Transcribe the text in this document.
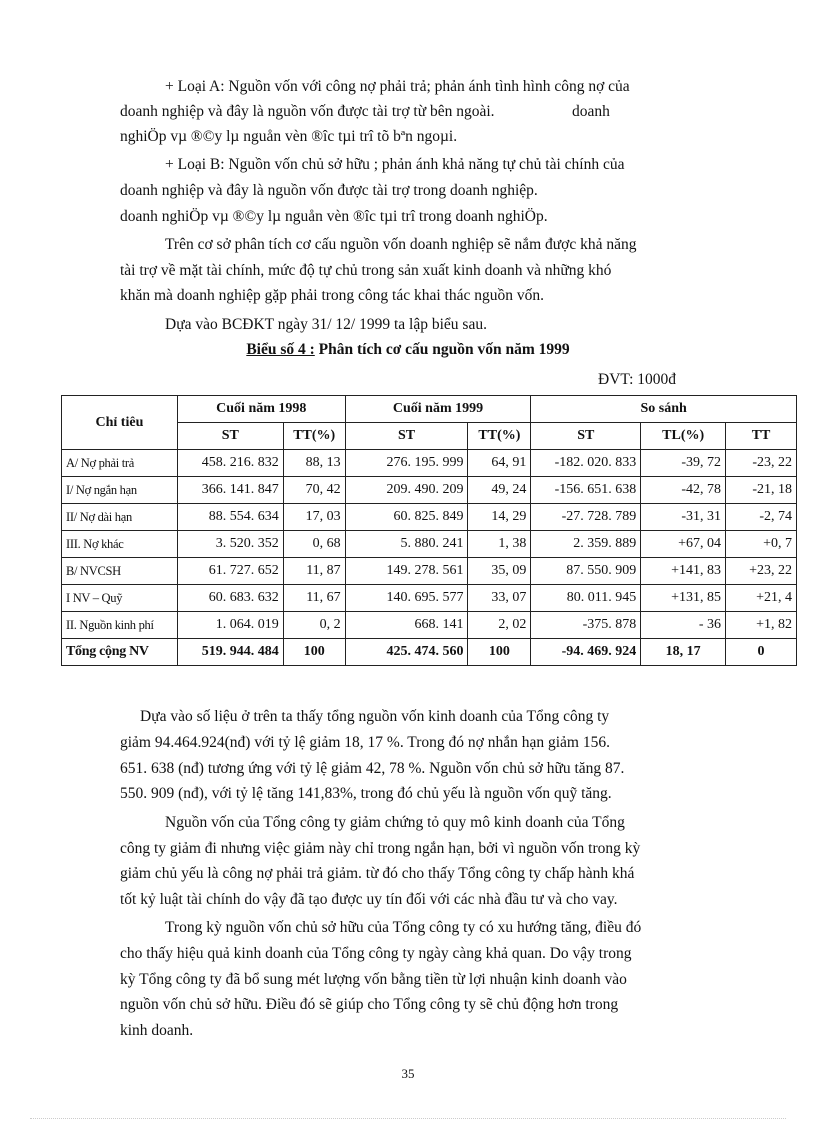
+ Loại A: Nguồn vốn với công nợ phải trả; phản ánh tình hình công nợ của
doanh nghiệp và đây là nguồn vốn được tài trợ từ bên ngoài.                    doanh
nghiÖp vµ ®©y lµ nguån vèn ®îc tµi trî tõ bªn ngoµi.
+ Loại B: Nguồn vốn chủ sở hữu ; phản ánh khả năng tự chủ tài chính của
doanh nghiệp và đây là nguồn vốn được tài trợ trong doanh nghiệp.
doanh nghiÖp vµ ®©y lµ nguån vèn ®îc tµi trî trong doanh nghiÖp.
Trên cơ sở phân tích cơ cấu nguồn vốn doanh nghiệp sẽ nắm được khả năng
tài trợ về mặt tài chính, mức độ tự chủ trong sản xuất kinh doanh và những khó
khăn mà doanh nghiệp gặp phải trong công tác khai thác nguồn vốn.
Dựa vào BCĐKT ngày 31/ 12/ 1999 ta lập biểu sau.
Biểu số 4 : Phân tích cơ cấu nguồn vốn năm 1999
ĐVT: 1000đ
Chỉ tiêu	Cuối năm 1998		Cuối năm 1999		So sánh		
	ST	TT(%)	ST	TT(%)	ST	TL(%)	TT
A/ Nợ phải trả	458. 216. 832	88, 13	276. 195. 999	64, 91	-182. 020. 833	-39, 72	-23, 22
I/ Nợ ngắn hạn	366. 141. 847	70, 42	209. 490. 209	49, 24	-156. 651. 638	-42, 78	-21, 18
II/ Nợ dài hạn	88. 554. 634	17, 03	60. 825. 849	14, 29	-27. 728. 789	-31, 31	-2, 74
III. Nợ khác	3. 520. 352	0, 68	5. 880. 241	1, 38	2. 359. 889	+67, 04	+0, 7
B/ NVCSH	61. 727. 652	11, 87	149. 278. 561	35, 09	87. 550. 909	+141, 83	+23, 22
I NV – Quỹ	60. 683. 632	11, 67	140. 695. 577	33, 07	80. 011. 945	+131, 85	+21, 4
II. Nguồn kinh phí	1. 064. 019	0, 2	668. 141	2, 02	-375. 878	- 36	+1, 82
Tổng cộng NV	519. 944. 484	100	425. 474. 560	100	-94. 469. 924	18, 17	0
Dựa vào số liệu ở trên ta thấy tổng nguồn vốn kinh doanh của Tổng công ty
giảm 94.464.924(nđ) với tỷ lệ giảm 18, 17 %. Trong đó nợ nhắn hạn giảm 156.
651. 638 (nđ) tương ứng với tỷ lệ giảm 42, 78 %. Nguồn vốn chủ sở hữu tăng 87.
550. 909 (nđ), với tỷ lệ tăng 141,83%, trong đó chủ yếu là nguồn vốn quỹ tăng.
Nguồn vốn của Tổng công ty giảm chứng tỏ quy mô kinh doanh của Tổng
công ty giảm đi nhưng việc giảm này chỉ trong ngắn hạn, bởi vì nguồn vốn trong kỳ
giảm chủ yếu là công nợ phải trả giảm. từ đó cho thấy Tổng công ty chấp hành khá
tốt kỷ luật tài chính do vậy đã tạo được uy tín đối với các nhà đầu tư và cho vay.
Trong kỳ nguồn vốn chủ sở hữu của Tổng công ty có xu hướng tăng, điều đó
cho thấy hiệu quả kinh doanh của Tổng công ty ngày càng khả quan. Do vậy trong
kỳ Tổng công ty đã bổ sung mét lượng vốn bằng tiền từ lợi nhuận kinh doanh vào
nguồn vốn chủ sở hữu. Điều đó sẽ giúp cho Tổng công ty sẽ chủ động hơn trong
kinh doanh.
35
